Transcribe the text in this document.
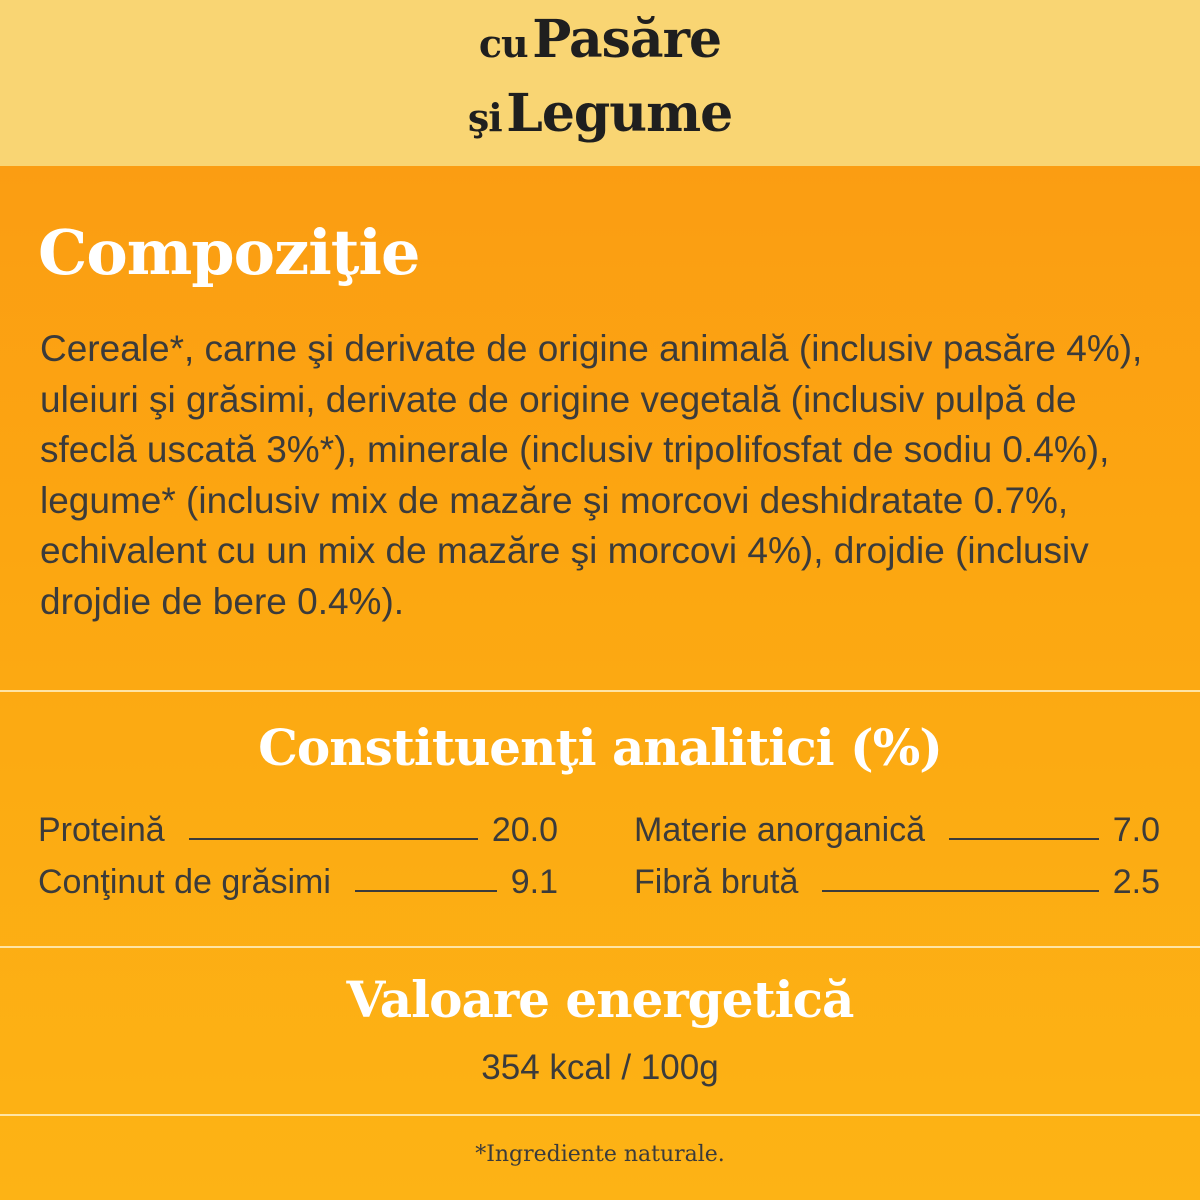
cu Pasăre
şi Legume
Compoziţie

Cereale*, carne şi derivate de origine animală (inclusiv pasăre 4%), uleiuri şi grăsimi, derivate de origine vegetală (inclusiv pulpă de sfeclă uscată 3%*), minerale (inclusiv tripolifosfat de sodiu 0.4%), legume* (inclusiv mix de mazăre şi morcovi deshidratate 0.7%, echivalent cu un mix de mazăre şi morcovi 4%), drojdie (inclusiv drojdie de bere 0.4%).

Constituenţi analitici (%)
Proteină	20.0
Conţinut de grăsimi	9.1
Materie anorganică	7.0
Fibră brută	2.5
Valoare energetică
354 kcal / 100g
*Ingrediente naturale.
